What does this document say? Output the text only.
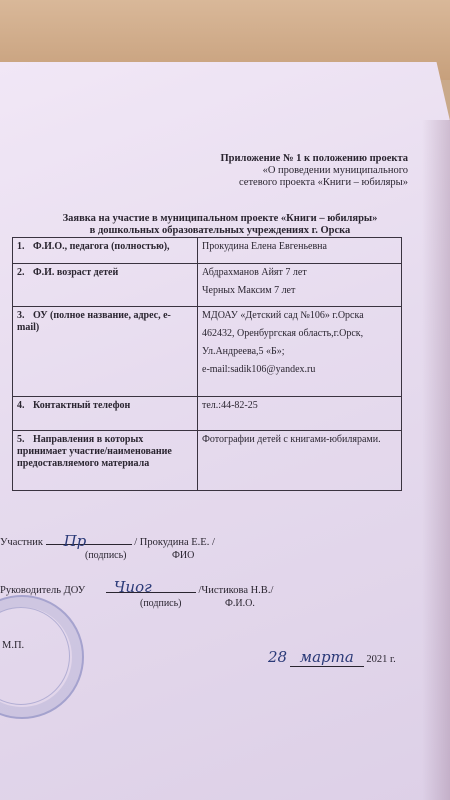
Приложение № 1 к положению проекта
«О проведении муниципального
сетевого проекта «Книги – юбиляры»
Заявка на участие в муниципальном проекте «Книги – юбиляры»
в дошкольных образовательных учреждениях г. Орска
1. Ф.И.О., педагога (полностью),	Прокудина Елена Евгеньевна

2. Ф.И. возраст детей	Абдрахманов Айят 7 лет
Черных Максим 7 лет

3. ОУ (полное название, адрес, e-mail)	МДОАУ «Детский сад №106» г.Орска
462432, Оренбургская область,г.Орск,
Ул.Андреева,5 «Б»;
e-mail:sadik106@yandex.ru

4. Контактный телефон	тел.:44-82-25

5. Направления в которых принимает участие/наименование предоставляемого материала	Фотографии детей с книгами-юбилярами.
Участник Пр	/ Прокудина Е.Е. /
(подпись)	ФИО
Руководитель ДОУ Чиог	/Чистикова Н.В./
(подпись)	Ф.И.О.
М.П.
28 марта 2021 г.
